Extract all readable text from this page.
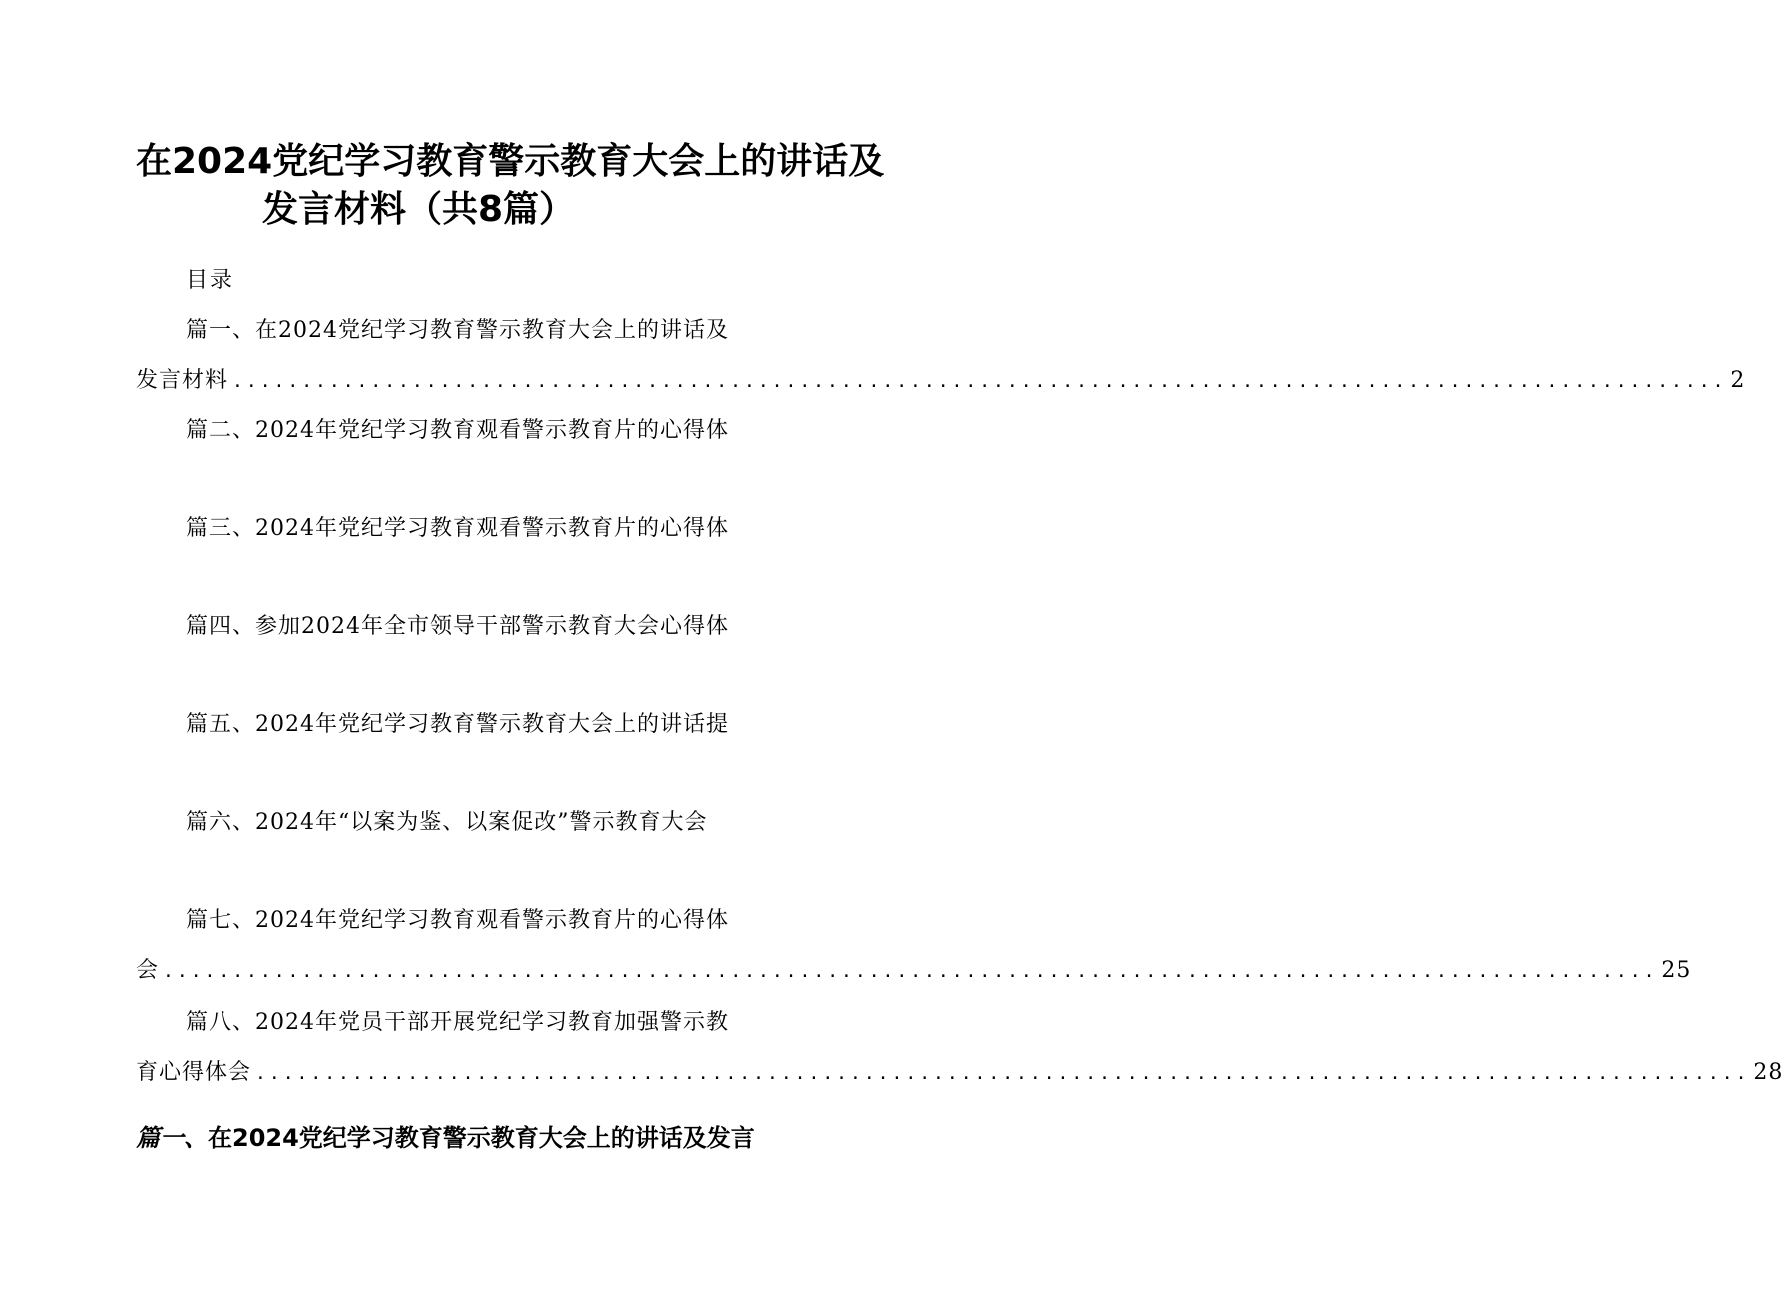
在2024党纪学习教育警示教育大会上的讲话及
发言材料（共8篇）
目录
篇一、在2024党纪学习教育警示教育大会上的讲话及
发言材料 ............................................................................................................ 2
篇二、2024年党纪学习教育观看警示教育片的心得体
篇三、2024年党纪学习教育观看警示教育片的心得体
篇四、参加2024年全市领导干部警示教育大会心得体
篇五、2024年党纪学习教育警示教育大会上的讲话提
篇六、2024年“以案为鉴、以案促改”警示教育大会
篇七、2024年党纪学习教育观看警示教育片的心得体
会 ............................................................................................................ 25
篇八、2024年党员干部开展党纪学习教育加强警示教
育心得体会 ............................................................................................................ 28
篇一、在2024党纪学习教育警示教育大会上的讲话及发言
